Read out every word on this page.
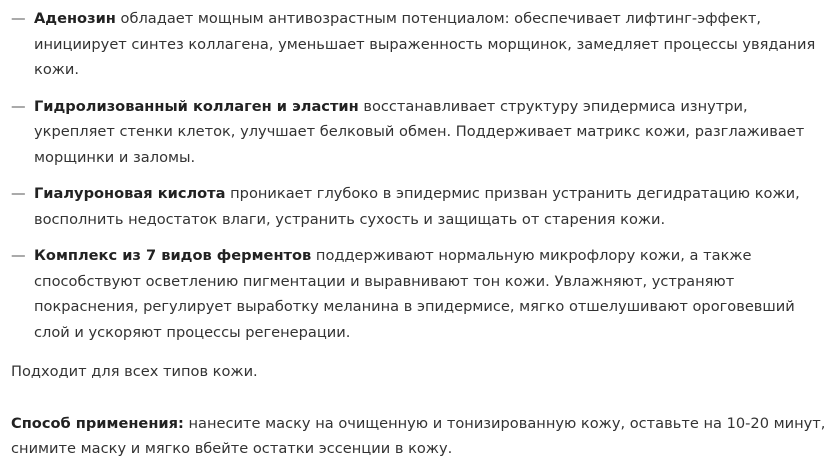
— Аденозин обладает мощным антивозрастным потенциалом: обеспечивает лифтинг-эффект, инициирует синтез коллагена, уменьшает выраженность морщинок, замедляет процессы увядания кожи.
— Гидролизованный коллаген и эластин восстанавливает структуру эпидермиса изнутри, укрепляет стенки клеток, улучшает белковый обмен. Поддерживает матрикс кожи, разглаживает морщинки и заломы.
— Гиалуроновая кислота проникает глубоко в эпидермис призван устранить дегидратацию кожи, восполнить недостаток влаги, устранить сухость и защищать от старения кожи.
— Комплекс из 7 видов ферментов поддерживают нормальную микрофлору кожи, а также способствуют осветлению пигментации и выравнивают тон кожи. Увлажняют, устраняют покраснения, регулирует выработку меланина в эпидермисе, мягко отшелушивают ороговевший слой и ускоряют процессы регенерации.

Подходит для всех типов кожи.

Способ применения: нанесите маску на очищенную и тонизированную кожу, оставьте на 10-20 минут, снимите маску и мягко вбейте остатки эссенции в кожу.
